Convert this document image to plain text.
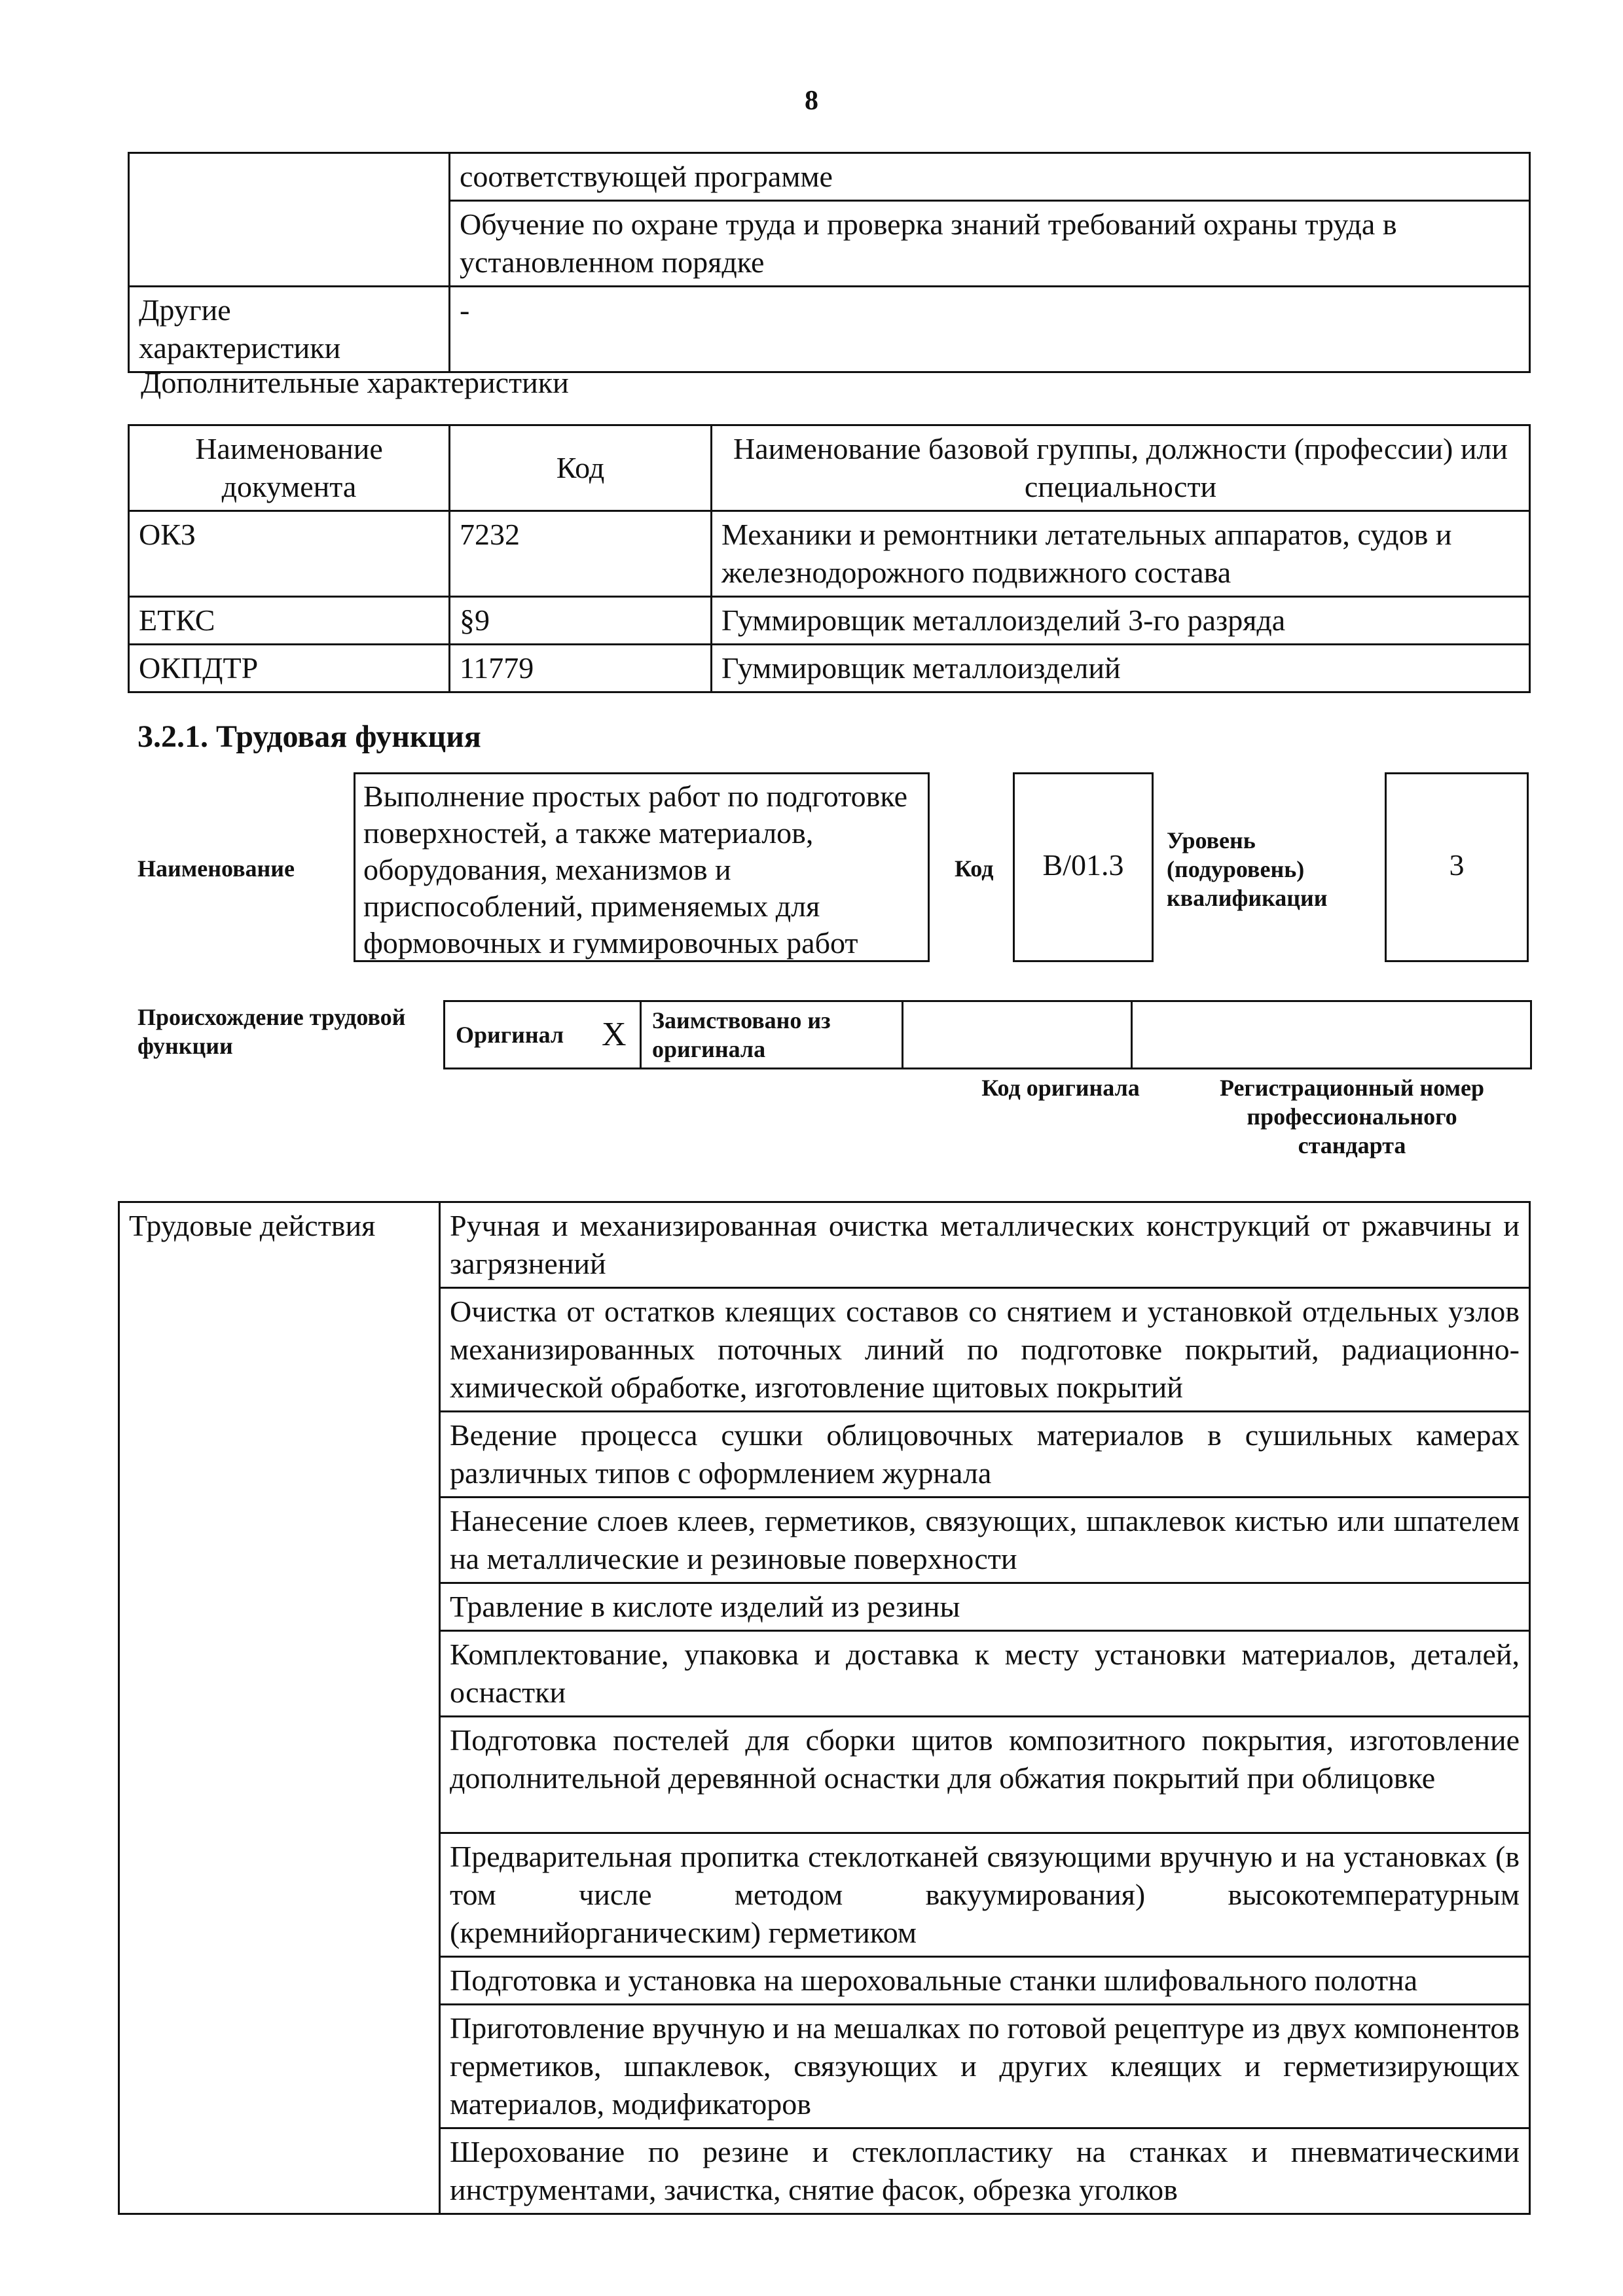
8
	соответствующей программе
	Обучение по охране труда и проверка знаний требований охраны труда в установленном порядке
Другие характеристики	-
Дополнительные характеристики
Наименование документа	Код	Наименование базовой группы, должности (профессии) или специальности
ОКЗ	7232	Механики и ремонтники летательных аппаратов, судов и железнодорожного подвижного состава
ЕТКС	§9	Гуммировщик металлоизделий 3-го разряда
ОКПДТР	11779	Гуммировщик металлоизделий
3.2.1. Трудовая функция
Наименование
Выполнение простых работ по подготовке поверхностей, а также материалов, оборудования, механизмов и приспособлений, применяемых для формовочных и гуммировочных работ
Код	B/01.3
Уровень (подуровень) квалификации
3
Происхождение трудовой функции	Оригинал	X	Заимствовано из оригинала		
Код оригинала	Регистрационный номер профессионального стандарта
Трудовые действия	Ручная и механизированная очистка металлических конструкций от ржавчины и загрязнений
Очистка от остатков клеящих составов со снятием и установкой отдельных узлов механизированных поточных линий по подготовке покрытий, радиационно-химической обработке, изготовление щитовых покрытий
Ведение процесса сушки облицовочных материалов в сушильных камерах различных типов с оформлением журнала
Нанесение слоев клеев, герметиков, связующих, шпаклевок кистью или шпателем на металлические и резиновые поверхности
Травление в кислоте изделий из резины
Комплектование, упаковка и доставка к месту установки материалов, деталей, оснастки
Подготовка постелей для сборки щитов композитного покрытия, изготовление дополнительной деревянной оснастки для обжатия покрытий при облицовке
Предварительная пропитка стеклотканей связующими вручную и на установках (в том числе методом вакуумирования) высокотемпературным (кремнийорганическим) герметиком
Подготовка и установка на шероховальные станки шлифовального полотна
Приготовление вручную и на мешалках по готовой рецептуре из двух компонентов герметиков, шпаклевок, связующих и других клеящих и герметизирующих материалов, модификаторов
Шерохование по резине и стеклопластику на станках и пневматическими инструментами, зачистка, снятие фасок, обрезка уголков
